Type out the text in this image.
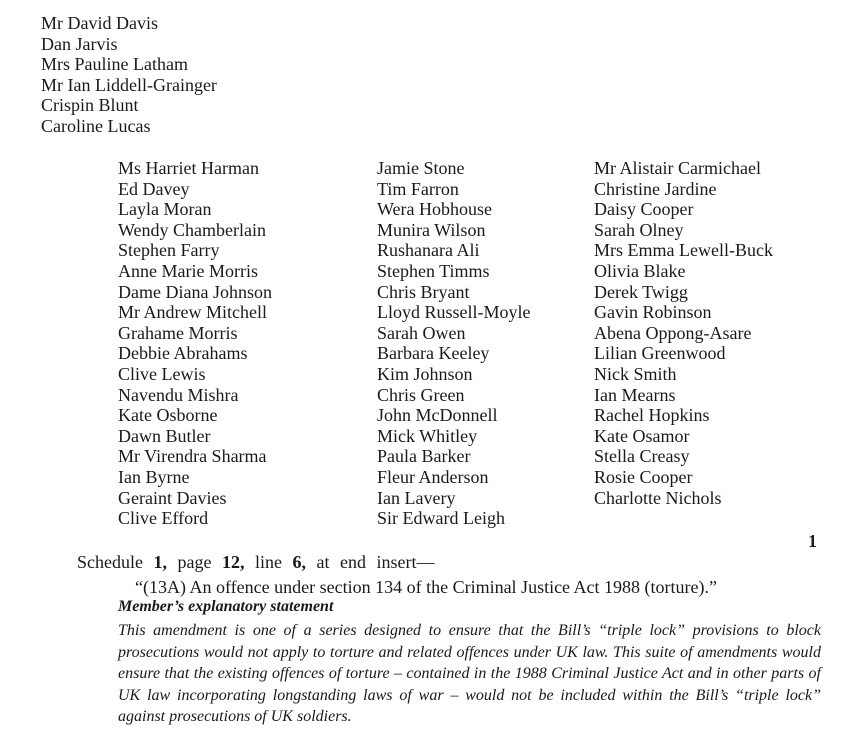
Mr David Davis
Dan Jarvis
Mrs Pauline Latham
Mr Ian Liddell-Grainger
Crispin Blunt
Caroline Lucas
Ms Harriet Harman
Ed Davey
Layla Moran
Wendy Chamberlain
Stephen Farry
Anne Marie Morris
Dame Diana Johnson
Mr Andrew Mitchell
Grahame Morris
Debbie Abrahams
Clive Lewis
Navendu Mishra
Kate Osborne
Dawn Butler
Mr Virendra Sharma
Ian Byrne
Geraint Davies
Clive Efford
Jamie Stone
Tim Farron
Wera Hobhouse
Munira Wilson
Rushanara Ali
Stephen Timms
Chris Bryant
Lloyd Russell-Moyle
Sarah Owen
Barbara Keeley
Kim Johnson
Chris Green
John McDonnell
Mick Whitley
Paula Barker
Fleur Anderson
Ian Lavery
Sir Edward Leigh
Mr Alistair Carmichael
Christine Jardine
Daisy Cooper
Sarah Olney
Mrs Emma Lewell-Buck
Olivia Blake
Derek Twigg
Gavin Robinson
Abena Oppong-Asare
Lilian Greenwood
Nick Smith
Ian Mearns
Rachel Hopkins
Kate Osamor
Stella Creasy
Rosie Cooper
Charlotte Nichols
1
Schedule 1, page 12, line 6, at end insert—
“(13A) An offence under section 134 of the Criminal Justice Act 1988 (torture).”
Member’s explanatory statement
This amendment is one of a series designed to ensure that the Bill’s “triple lock” provisions to block prosecutions would not apply to torture and related offences under UK law. This suite of amendments would ensure that the existing offences of torture – contained in the 1988 Criminal Justice Act and in other parts of UK law incorporating longstanding laws of war – would not be included within the Bill’s “triple lock” against prosecutions of UK soldiers.
